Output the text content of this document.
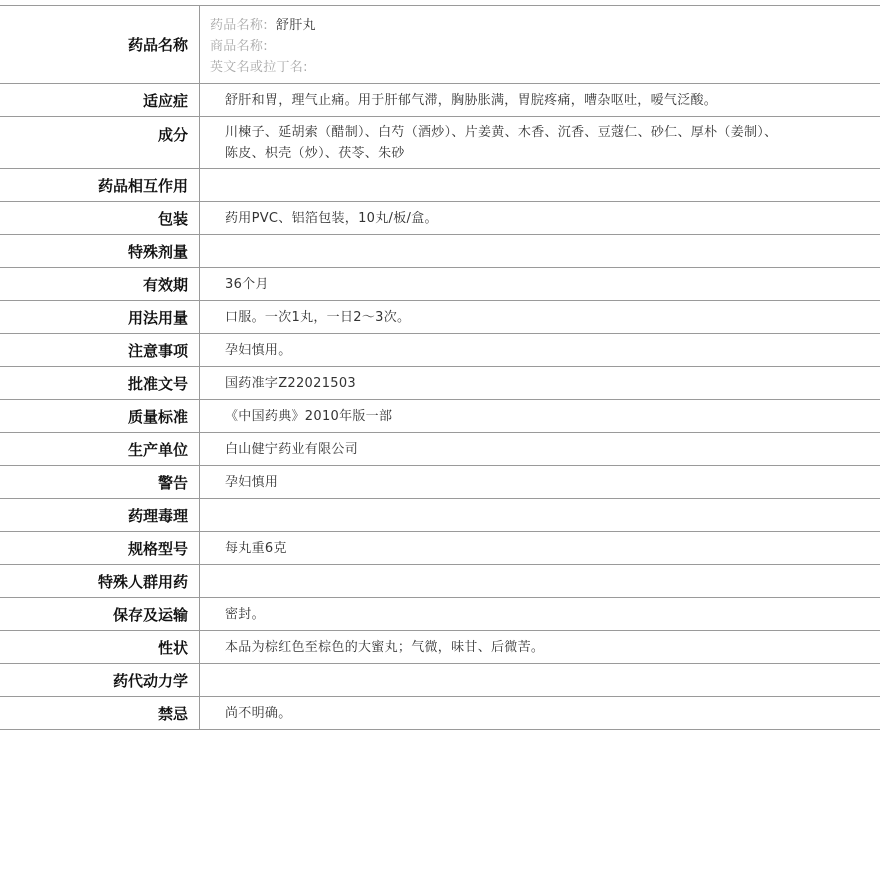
药品名称
药品名称: 舒肝丸
商品名称:
英文名或拉丁名:
适应症	舒肝和胃，理气止痛。用于肝郁气滞，胸胁胀满，胃脘疼痛，嘈杂呕吐，嗳气泛酸。
成分	川楝子、延胡索（醋制）、白芍（酒炒）、片姜黄、木香、沉香、豆蔻仁、砂仁、厚朴（姜制）、陈皮、枳壳（炒）、茯苓、朱砂
药品相互作用
包装	药用PVC、铝箔包装，10丸/板/盒。
特殊剂量
有效期	36个月
用法用量	口服。一次1丸，一日2～3次。
注意事项	孕妇慎用。
批准文号	国药准字Z22021503
质量标准	《中国药典》2010年版一部
生产单位	白山健宁药业有限公司
警告	孕妇慎用
药理毒理
规格型号	每丸重6克
特殊人群用药
保存及运输	密封。
性状	本品为棕红色至棕色的大蜜丸；气微，味甘、后微苦。
药代动力学
禁忌	尚不明确。
